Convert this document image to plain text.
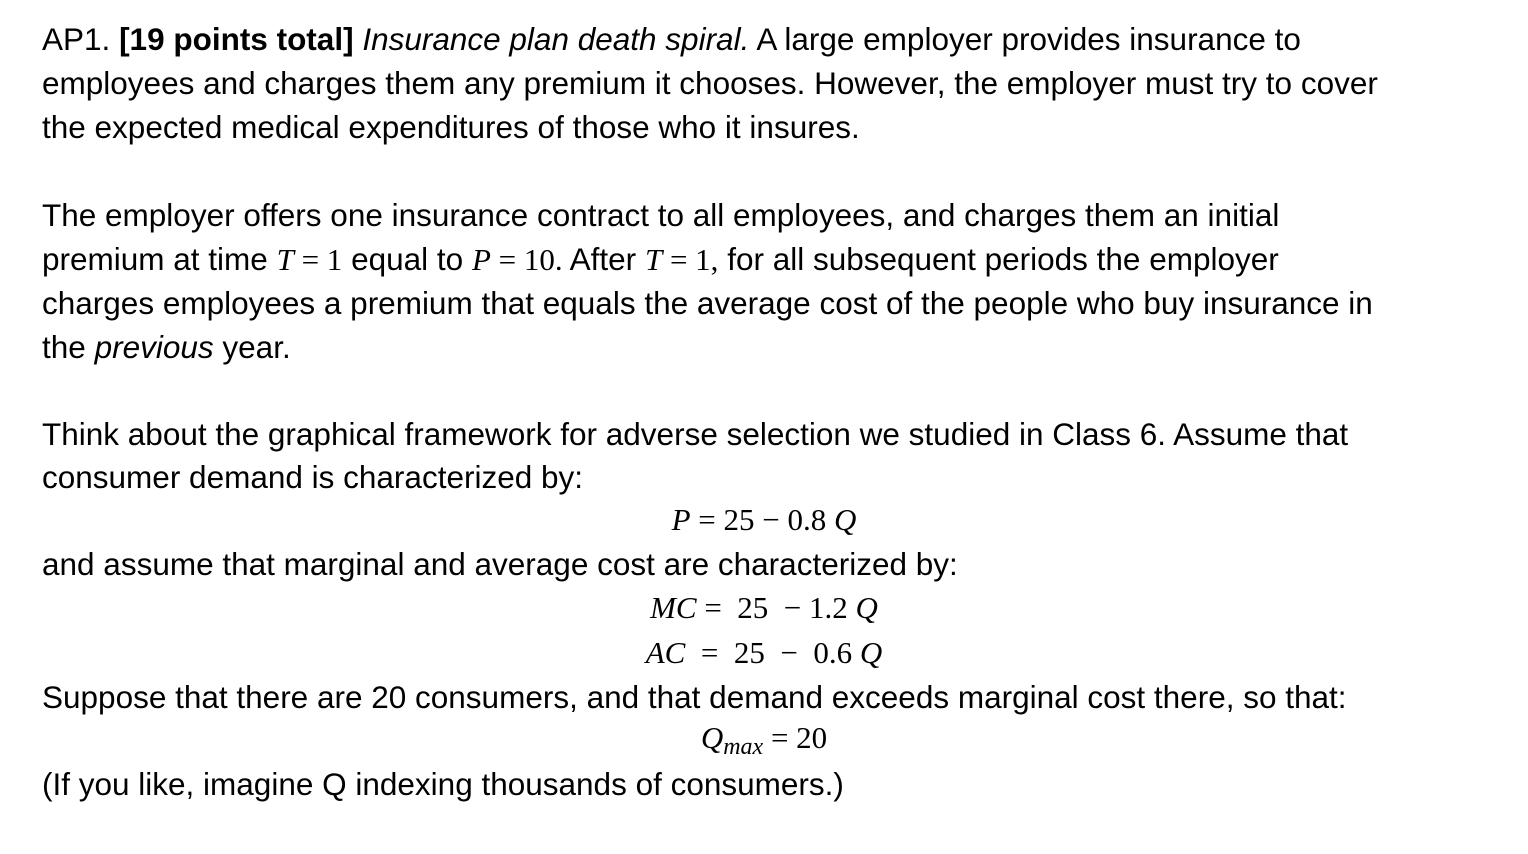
AP1. [19 points total] Insurance plan death spiral. A large employer provides insurance to
employees and charges them any premium it chooses. However, the employer must try to cover
the expected medical expenditures of those who it insures.
The employer offers one insurance contract to all employees, and charges them an initial
premium at time T = 1 equal to P = 10. After T = 1, for all subsequent periods the employer
charges employees a premium that equals the average cost of the people who buy insurance in
the previous year.
Think about the graphical framework for adverse selection we studied in Class 6. Assume that
consumer demand is characterized by:
P = 25 − 0.8 Q
and assume that marginal and average cost are characterized by:
MC =  25  − 1.2 Q
AC  =  25  −  0.6 Q
Suppose that there are 20 consumers, and that demand exceeds marginal cost there, so that:
$Q_{max} = 20$
(If you like, imagine Q indexing thousands of consumers.)
